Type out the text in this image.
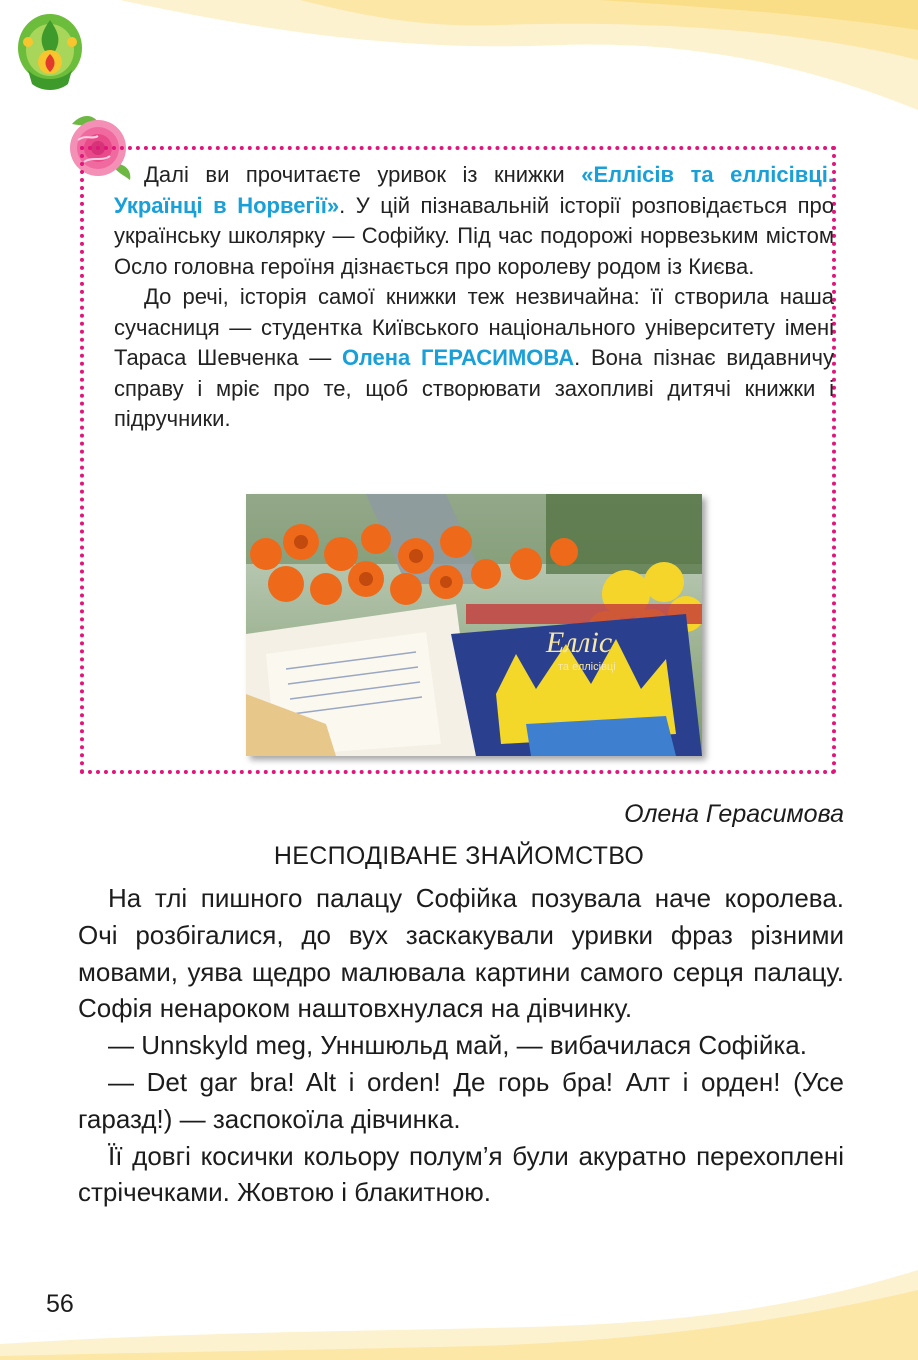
Далі ви прочитаєте уривок із книжки «Еллісів та еллісівці. Українці в Норвегії». У цій пізнавальній історії розповідається про українську школярку — Софійку. Під час подорожі норвезьким містом Осло головна героїня дізнається про королеву родом із Києва.

До речі, історія самої книжки теж незвичайна: її створила наша сучасниця — студентка Київського національного університету імені Тараса Шевченка — Олена ГЕРАСИМОВА. Вона пізнає видавничу справу і мріє про те, щоб створювати захопливі дитячі книжки і підручники.

Елліс
та еллісівці
Олена Герасимова
НЕСПОДІВАНЕ ЗНАЙОМСТВО

На тлі пишного палацу Софійка позувала наче королева. Очі розбігалися, до вух заскакували уривки фраз різними мовами, уява щедро малювала картини самого серця палацу. Софія ненароком наштовхнулася на дівчинку.

— Unnskyld meg, Унншюльд май, — вибачилася Софійка.

— Det gar bra! Alt i orden! Де горь бра! Алт і орден! (Усе гаразд!) — заспокоїла дівчинка.

Її довгі косички кольору полум’я були акуратно перехоплені стрічечками. Жовтою і блакитною.

56
